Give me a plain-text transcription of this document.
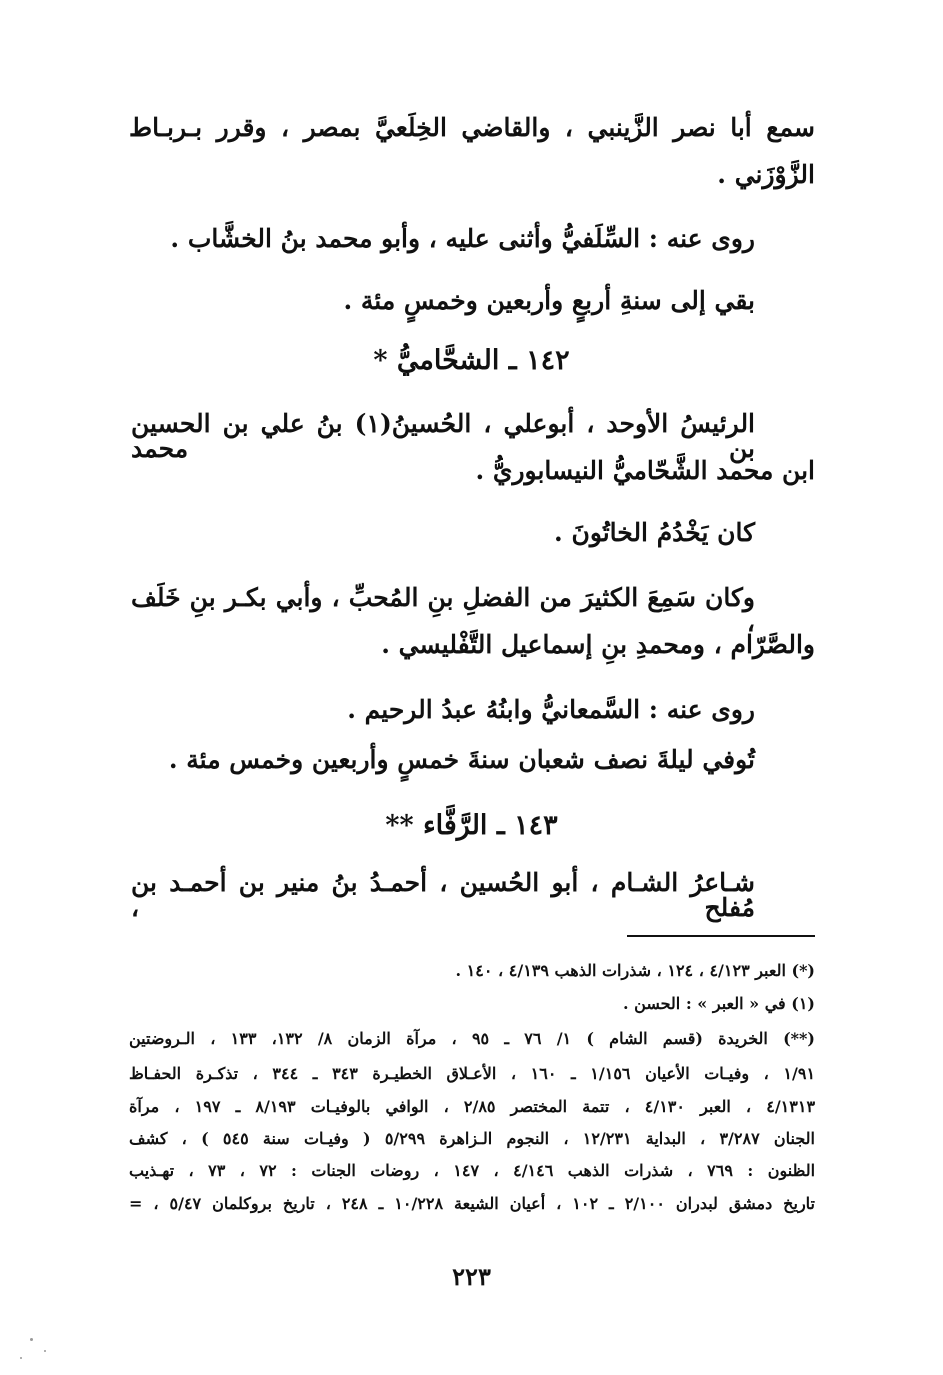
سمع أبا نصر الزَّينبي ، والقاضي الخِلَعيَّ بمصر ، وقرر بـربـاط
الزَّوْزَني .
روى عنه : السِّلَفيُّ وأثنى عليه ، وأبو محمد بنُ الخشَّاب .
بقي إلى سنةِ أربعٍ وأربعين وخمسٍ مئة .
١٤٢ ـ الشحَّاميُّ *
الرئيسُ الأوحد ، أبوعلي ، الحُسينُ(١) بنُ علي بن الحسين بن محمد
ابن محمد الشَّحّاميُّ النيسابوريُّ .
كان يَخْدُمُ الخاتُونَ .
وكان سَمِعَ الكثيرَ من الفضلِ بنِ المُحبِّ ، وأبي بكـر بنِ خَلَف ،
والصَّرّام ، ومحمدِ بنِ إسماعيل التَّفْليسي .
روى عنه : السَّمعانيُّ وابنُهُ عبدُ الرحيم .
تُوفي ليلةَ نصف شعبان سنةَ خمسٍ وأربعين وخمس مئة .
١٤٣ ـ الرَّفَّاء **
شـاعرُ الشـام ، أبو الحُسين ، أحمـدُ بنُ منير بن أحمـد بن مُفلح ،
(*) العبر ٤/١٢٣ ، ١٢٤ ، شذرات الذهب ٤/١٣٩ ، ١٤٠ .
(١) في « العبر » : الحسن .
(**) الخريدة (قسم الشام ) ١/ ٧٦ ـ ٩٥ ، مرآة الزمان ٨/ ١٣٢، ١٣٣ ، الـروضتين
١/٩١ ، وفيـات الأعيان ١/١٥٦ ـ ١٦٠ ، الأعـلاق الخطيـرة ٣٤٣ ـ ٣٤٤ ، تذكـرة الحفـاظ
٤/١٣١٣ ، العبر ٤/١٣٠ ، تتمة المختصر ٢/٨٥ ، الوافي بالوفيـات ٨/١٩٣ ـ ١٩٧ ، مرآة
الجنان ٣/٢٨٧ ، البداية ١٢/٢٣١ ، النجوم الـزاهرة ٥/٢٩٩ ( وفيـات سنة ٥٤٥ ) ، كشف
الظنون : ٧٦٩ ، شذرات الذهب ٤/١٤٦ ، ١٤٧ ، روضات الجنات : ٧٢ ، ٧٣ ، تهـذيب
تاريخ دمشق لبدران ٢/١٠٠ ـ ١٠٢ ، أعيان الشيعة ١٠/٢٢٨ ـ ٢٤٨ ، تاريخ بروكلمان ٥/٤٧ ، =
٢٢٣
